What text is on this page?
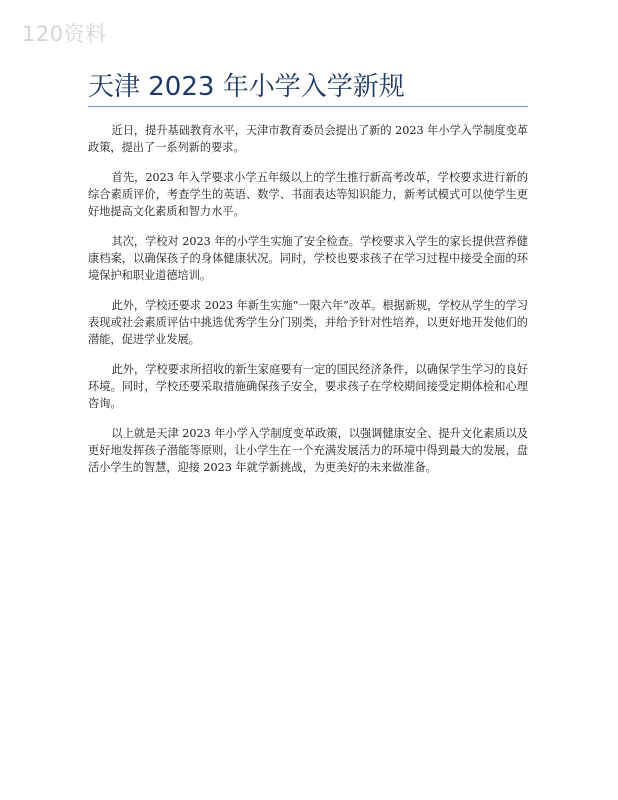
120资料
天津 2023 年小学入学新规

近日，提升基础教育水平，天津市教育委员会提出了新的 2023 年小学入学制度变革政策，提出了一系列新的要求。

首先，2023 年入学要求小学五年级以上的学生推行新高考改革，学校要求进行新的综合素质评价，考查学生的英语、数学、书面表达等知识能力，新考试模式可以使学生更好地提高文化素质和智力水平。

其次，学校对 2023 年的小学生实施了安全检查。学校要求入学生的家长提供营养健康档案，以确保孩子的身体健康状况。同时，学校也要求孩子在学习过程中接受全面的环境保护和职业道德培训。

此外，学校还要求 2023 年新生实施“一限六年”改革。根据新规，学校从学生的学习表现或社会素质评估中挑选优秀学生分门别类，并给予针对性培养，以更好地开发他们的潜能，促进学业发展。

此外，学校要求所招收的新生家庭要有一定的国民经济条件，以确保学生学习的良好环境。同时，学校还要采取措施确保孩子安全，要求孩子在学校期间接受定期体检和心理咨询。

以上就是天津 2023 年小学入学制度变革政策，以强调健康安全、提升文化素质以及更好地发挥孩子潜能等原则，让小学生在一个充满发展活力的环境中得到最大的发展，盘活小学生的智慧，迎接 2023 年就学新挑战，为更美好的未来做准备。
